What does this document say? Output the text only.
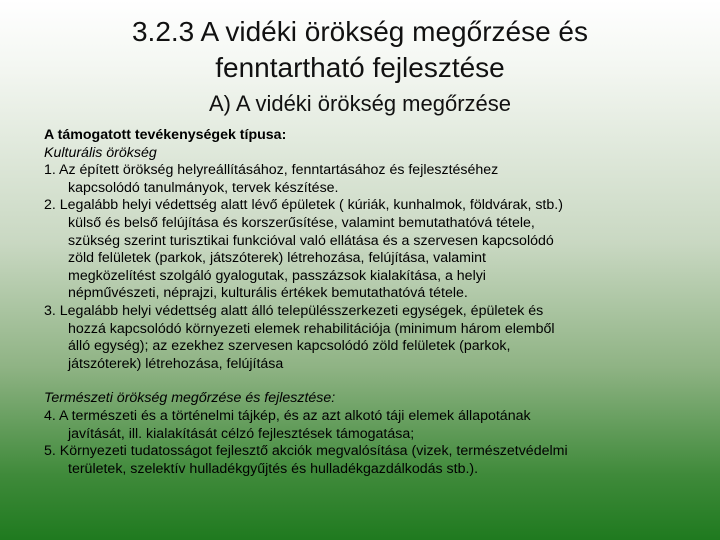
3.2.3 A vidéki örökség megőrzése és
fenntartható fejlesztése
A) A vidéki örökség megőrzése
A támogatott tevékenységek típusa:
Kulturális örökség
1. Az épített örökség helyreállításához, fenntartásához és fejlesztéséhez
kapcsolódó tanulmányok, tervek készítése.
2. Legalább helyi védettség alatt lévő épületek ( kúriák, kunhalmok, földvárak, stb.)
külső és belső felújítása és korszerűsítése, valamint bemutathatóvá tétele,
szükség szerint turisztikai funkcióval való ellátása és a szervesen kapcsolódó
zöld felületek (parkok, játszóterek) létrehozása, felújítása, valamint
megközelítést szolgáló gyalogutak, passzázsok kialakítása, a helyi
népművészeti, néprajzi, kulturális értékek bemutathatóvá tétele.
3. Legalább helyi védettség alatt álló településszerkezeti egységek, épületek és
hozzá kapcsolódó környezeti elemek rehabilitációja (minimum három elemből
álló egység); az ezekhez szervesen kapcsolódó zöld felületek (parkok,
játszóterek) létrehozása, felújítása
Természeti örökség megőrzése és fejlesztése:
4. A természeti és a történelmi tájkép, és az azt alkotó táji elemek állapotának
javítását, ill. kialakítását célzó fejlesztések támogatása;
5. Környezeti tudatosságot fejlesztő akciók megvalósítása (vizek, természetvédelmi
területek, szelektív hulladékgyűjtés és hulladékgazdálkodás stb.).
